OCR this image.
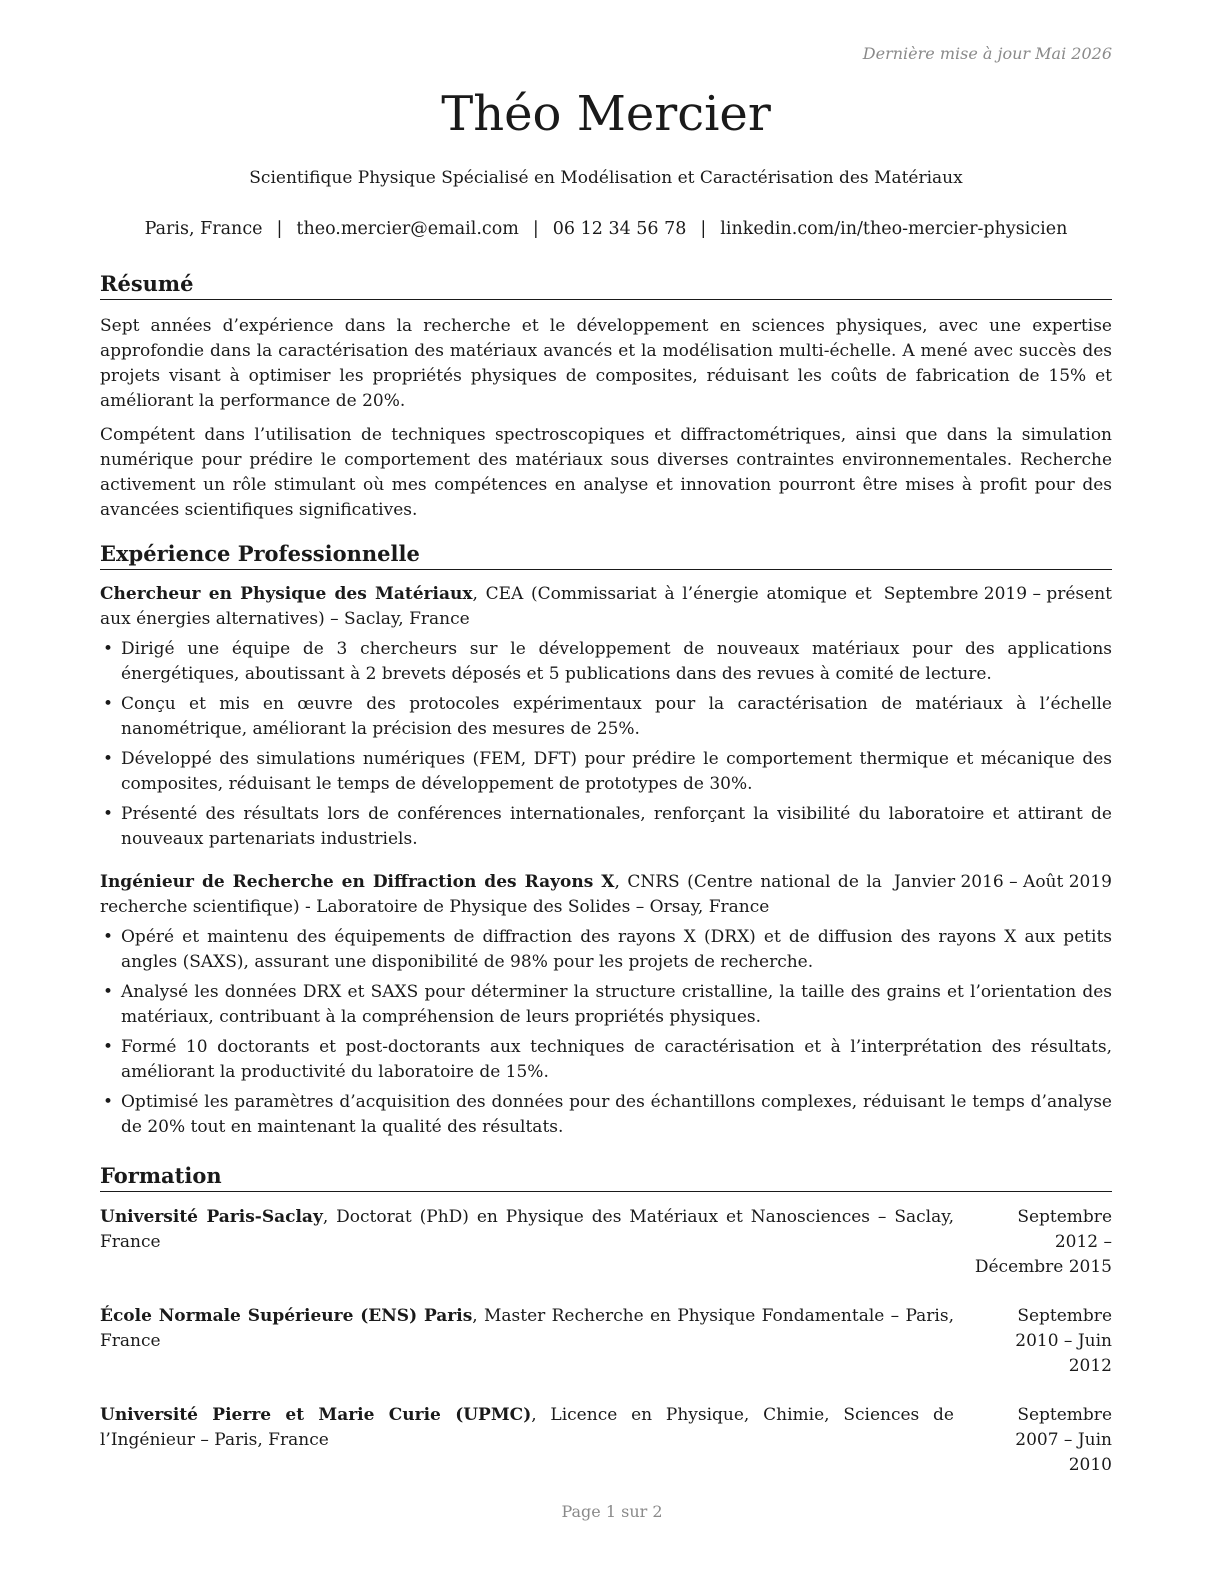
Dernière mise à jour Mai 2026
Théo Mercier
Scientifique Physique Spécialisé en Modélisation et Caractérisation des Matériaux
Paris, France | theo.mercier@email.com | 06 12 34 56 78 | linkedin.com/in/theo-mercier-physicien
Résumé

Sept années d’expérience dans la recherche et le développement en sciences physiques, avec une expertise approfondie dans la caractérisation des matériaux avancés et la modélisation multi-échelle. A mené avec succès des projets visant à optimiser les propriétés physiques de composites, réduisant les coûts de fabrication de 15% et améliorant la performance de 20%.

Compétent dans l’utilisation de techniques spectroscopiques et diffractométriques, ainsi que dans la simulation numérique pour prédire le comportement des matériaux sous diverses contraintes environnementales. Recherche activement un rôle stimulant où mes compétences en analyse et innovation pourront être mises à profit pour des avancées scientifiques significatives.

Expérience Professionnelle
Chercheur en Physique des Matériaux, CEA (Commissariat à l’énergie atomique et aux énergies alternatives) – Saclay, France
Septembre 2019 – présent
• Dirigé une équipe de 3 chercheurs sur le développement de nouveaux matériaux pour des applications énergétiques, aboutissant à 2 brevets déposés et 5 publications dans des revues à comité de lecture.
• Conçu et mis en œuvre des protocoles expérimentaux pour la caractérisation de matériaux à l’échelle nanométrique, améliorant la précision des mesures de 25%.
• Développé des simulations numériques (FEM, DFT) pour prédire le comportement thermique et mécanique des composites, réduisant le temps de développement de prototypes de 30%.
• Présenté des résultats lors de conférences internationales, renforçant la visibilité du laboratoire et attirant de nouveaux partenariats industriels.
Ingénieur de Recherche en Diffraction des Rayons X, CNRS (Centre national de la recherche scientifique) - Laboratoire de Physique des Solides – Orsay, France
Janvier 2016 – Août 2019
• Opéré et maintenu des équipements de diffraction des rayons X (DRX) et de diffusion des rayons X aux petits angles (SAXS), assurant une disponibilité de 98% pour les projets de recherche.
• Analysé les données DRX et SAXS pour déterminer la structure cristalline, la taille des grains et l’orientation des matériaux, contribuant à la compréhension de leurs propriétés physiques.
• Formé 10 doctorants et post-doctorants aux techniques de caractérisation et à l’interprétation des résultats, améliorant la productivité du laboratoire de 15%.
• Optimisé les paramètres d’acquisition des données pour des échantillons complexes, réduisant le temps d’analyse de 20% tout en maintenant la qualité des résultats.
Formation
Université Paris-Saclay, Doctorat (PhD) en Physique des Matériaux et Nanosciences – Saclay, France
Septembre 2012 – Décembre 2015
École Normale Supérieure (ENS) Paris, Master Recherche en Physique Fondamentale – Paris, France
Septembre 2010 – Juin 2012
Université Pierre et Marie Curie (UPMC), Licence en Physique, Chimie, Sciences de l’Ingénieur – Paris, France
Septembre 2007 – Juin 2010
Page 1 sur 2
